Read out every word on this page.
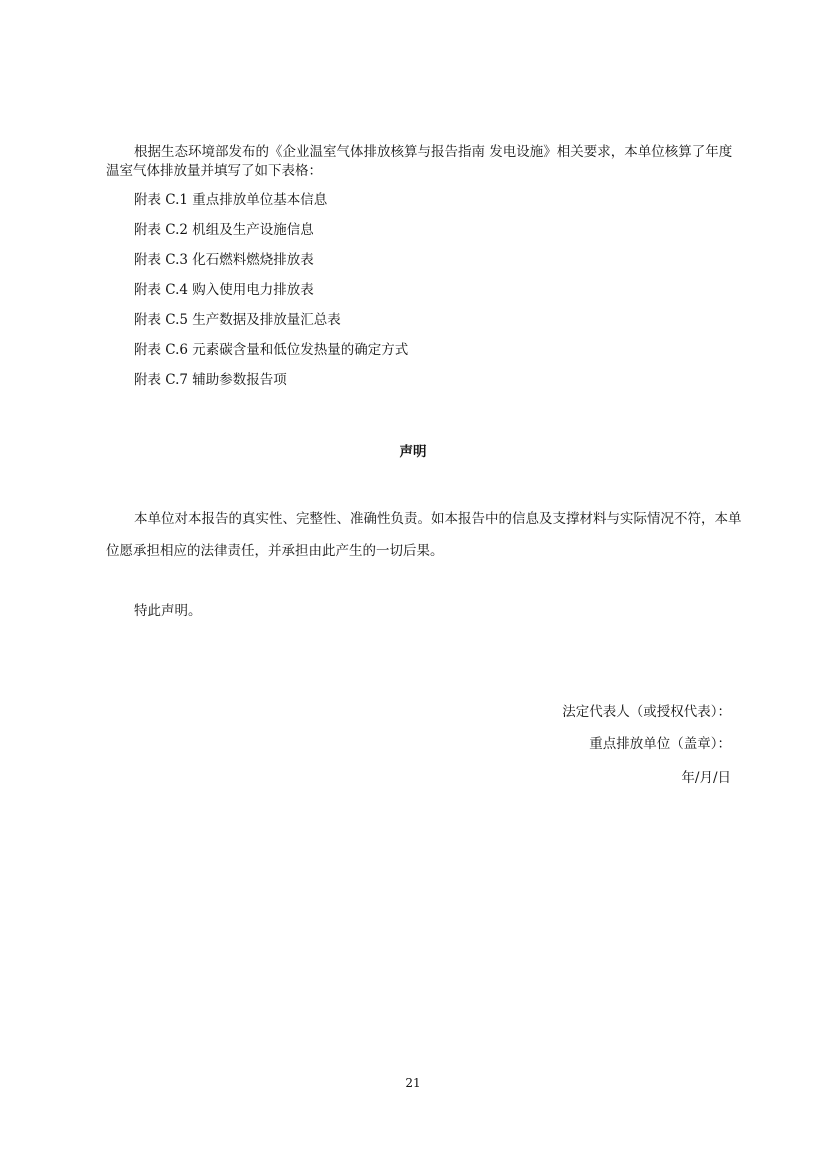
根据生态环境部发布的《企业温室气体排放核算与报告指南 发电设施》相关要求，本单位核算了年度温室气体排放量并填写了如下表格：

附表 C.1 重点排放单位基本信息
附表 C.2 机组及生产设施信息
附表 C.3 化石燃料燃烧排放表
附表 C.4 购入使用电力排放表
附表 C.5 生产数据及排放量汇总表
附表 C.6 元素碳含量和低位发热量的确定方式
附表 C.7 辅助参数报告项
声明

本单位对本报告的真实性、完整性、准确性负责。如本报告中的信息及支撑材料与实际情况不符，本单位愿承担相应的法律责任，并承担由此产生的一切后果。

特此声明。

法定代表人（或授权代表）：

重点排放单位（盖章）：

年/月/日

21
